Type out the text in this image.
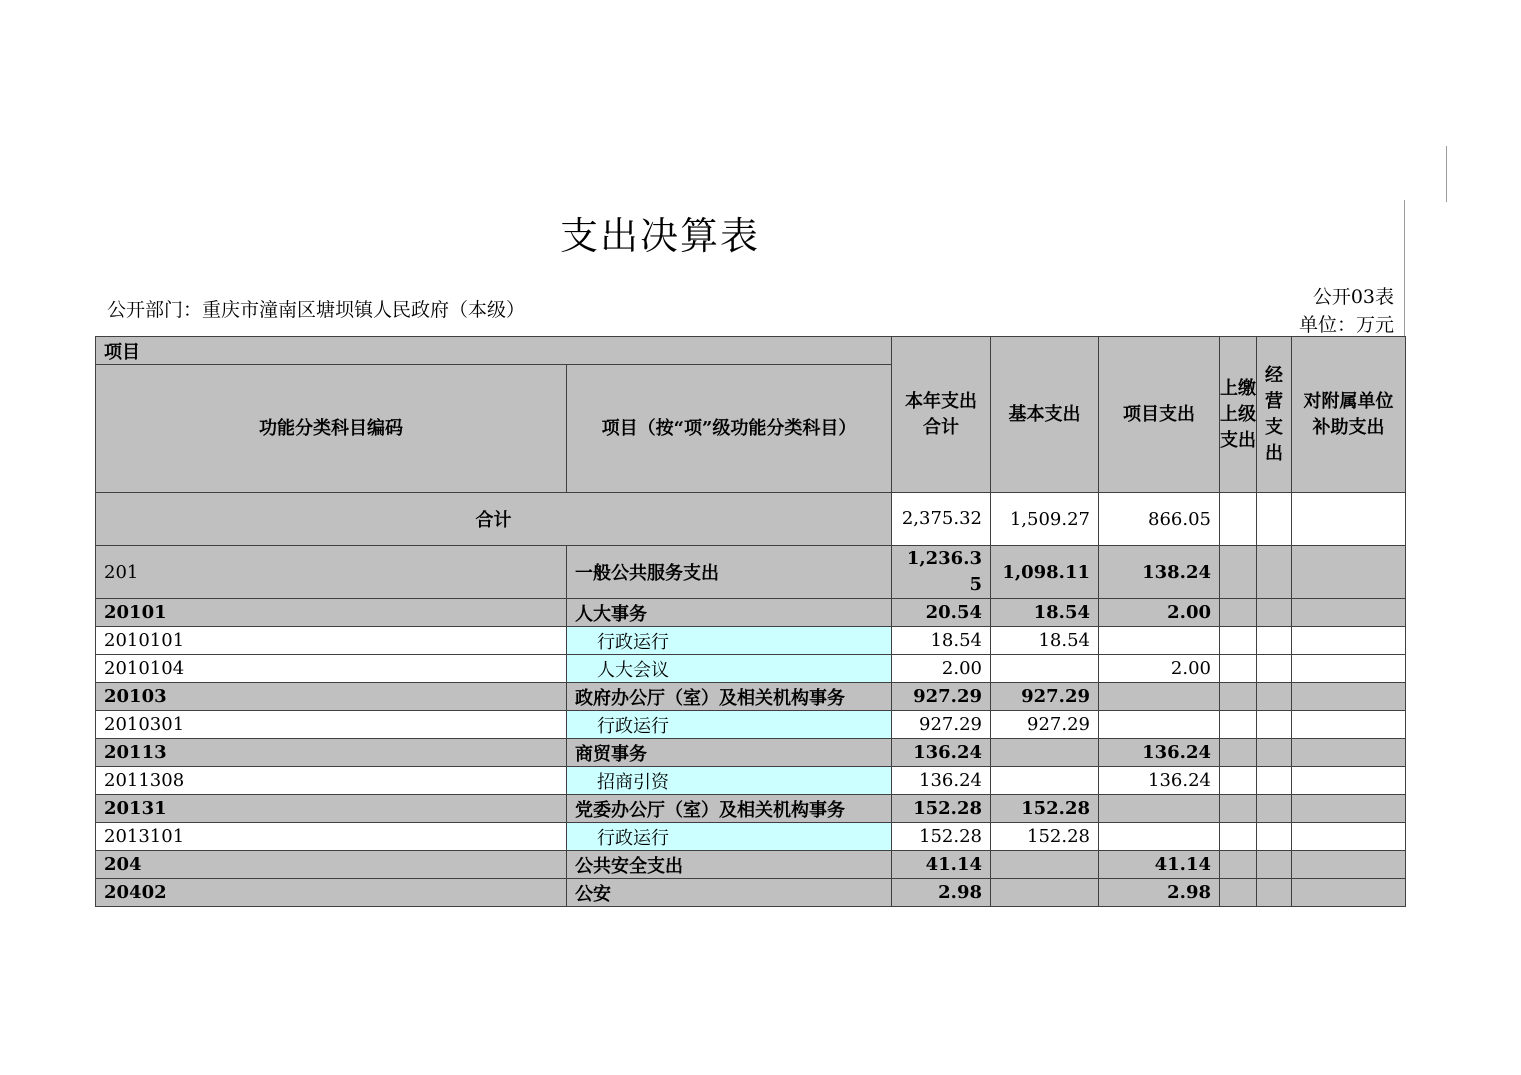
支出决算表
公开部门：重庆市潼南区塘坝镇人民政府（本级）
公开03表
单位：万元
项目		本年支出合计	基本支出	项目支出	上缴上级支出	经营支出	对附属单位补助支出
功能分类科目编码	项目（按“项”级功能分类科目）						
合计		2,375.32	1,509.27	866.05			
201	一般公共服务支出	1,236.35	1,098.11	138.24			
20101	人大事务	20.54	18.54	2.00			
2010101	行政运行	18.54	18.54				
2010104	人大会议	2.00		2.00			
20103	政府办公厅（室）及相关机构事务	927.29	927.29				
2010301	行政运行	927.29	927.29				
20113	商贸事务	136.24		136.24			
2011308	招商引资	136.24		136.24			
20131	党委办公厅（室）及相关机构事务	152.28	152.28				
2013101	行政运行	152.28	152.28				
204	公共安全支出	41.14		41.14			
20402	公安	2.98		2.98			
